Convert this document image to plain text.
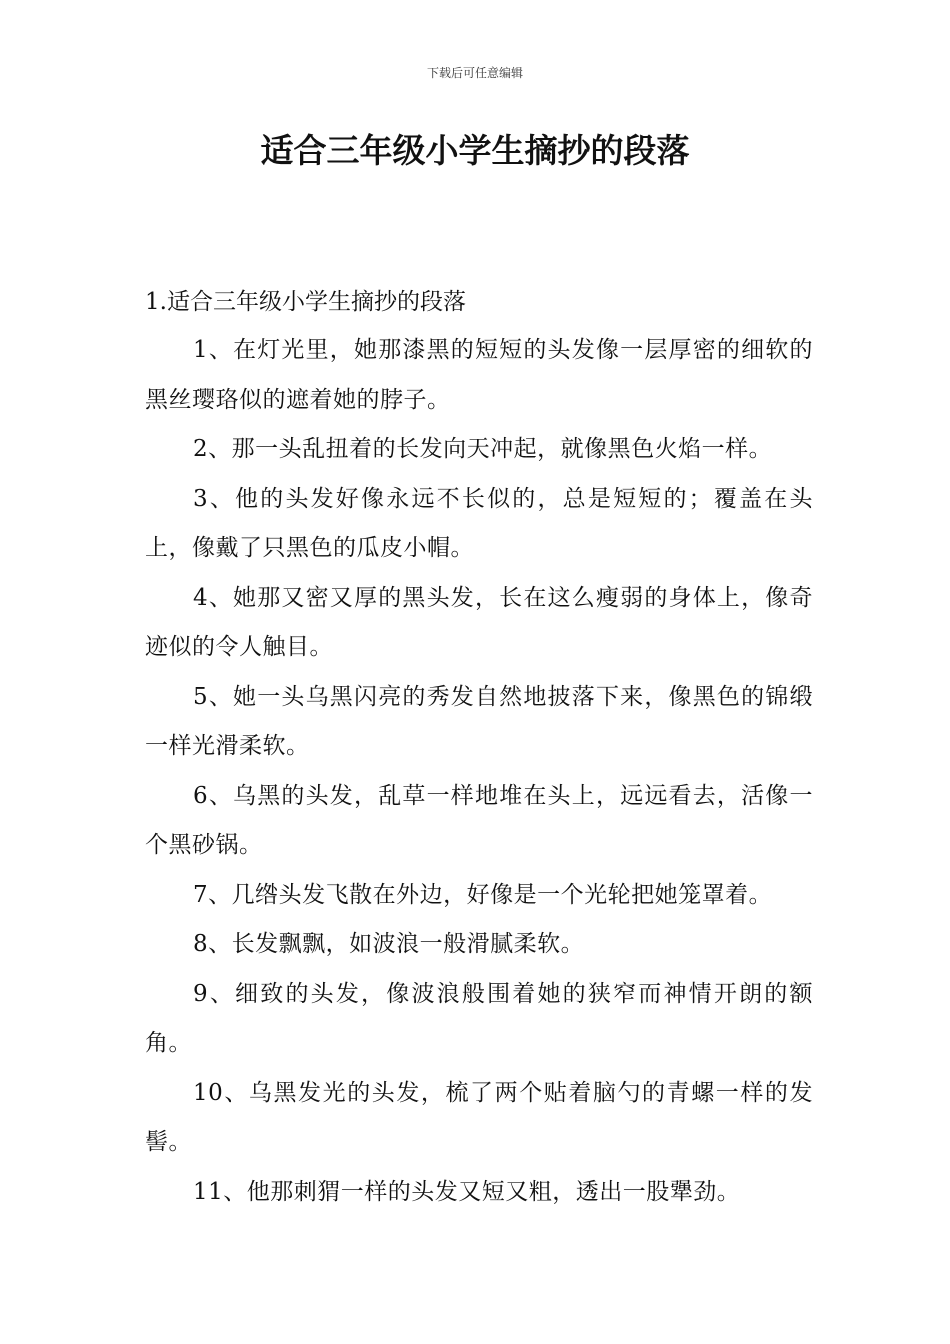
下载后可任意编辑
适合三年级小学生摘抄的段落

1.适合三年级小学生摘抄的段落

1、在灯光里，她那漆黑的短短的头发像一层厚密的细软的黑丝璎珞似的遮着她的脖子。

2、那一头乱扭着的长发向天冲起，就像黑色火焰一样。

3、他的头发好像永远不长似的，总是短短的；覆盖在头上，像戴了只黑色的瓜皮小帽。

4、她那又密又厚的黑头发，长在这么瘦弱的身体上，像奇迹似的令人触目。

5、她一头乌黑闪亮的秀发自然地披落下来，像黑色的锦缎一样光滑柔软。

6、乌黑的头发，乱草一样地堆在头上，远远看去，活像一个黑砂锅。

7、几绺头发飞散在外边，好像是一个光轮把她笼罩着。

8、长发飘飘，如波浪一般滑腻柔软。

9、细致的头发，像波浪般围着她的狭窄而神情开朗的额角。

10、乌黑发光的头发，梳了两个贴着脑勺的青螺一样的发髻。

11、他那刺猬一样的头发又短又粗，透出一股犟劲。
